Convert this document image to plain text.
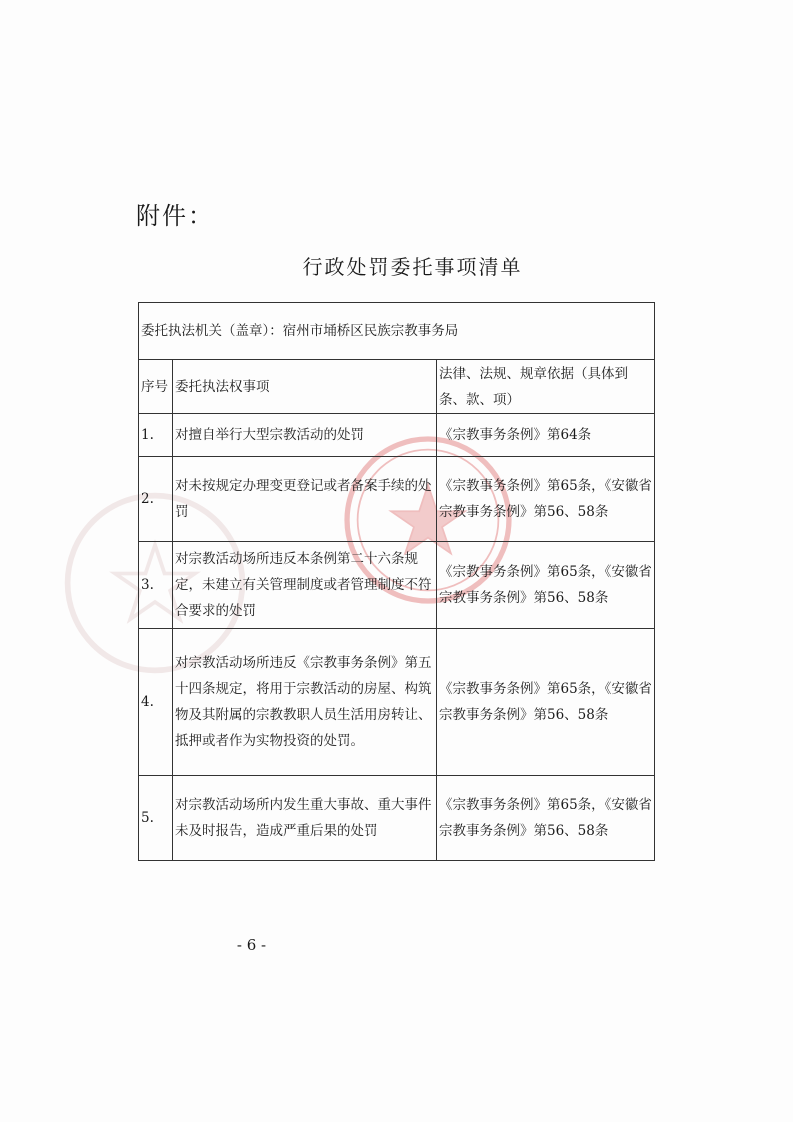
附件：
行政处罚委托事项清单
委托执法机关（盖章）：宿州市埇桥区民族宗教事务局		
序号	委托执法权事项	法律、法规、规章依据（具体到条、款、项）
1.	对擅自举行大型宗教活动的处罚	《宗教事务条例》第64条
2.	对未按规定办理变更登记或者备案手续的处罚	《宗教事务条例》第65条，《安徽省宗教事务条例》第56、58条
3.	对宗教活动场所违反本条例第二十六条规定，未建立有关管理制度或者管理制度不符合要求的处罚	《宗教事务条例》第65条，《安徽省宗教事务条例》第56、58条
4.	对宗教活动场所违反《宗教事务条例》第五十四条规定，将用于宗教活动的房屋、构筑物及其附属的宗教教职人员生活用房转让、抵押或者作为实物投资的处罚。	《宗教事务条例》第65条，《安徽省宗教事务条例》第56、58条
5.	对宗教活动场所内发生重大事故、重大事件未及时报告，造成严重后果的处罚	《宗教事务条例》第65条，《安徽省宗教事务条例》第56、58条
- 6 -
